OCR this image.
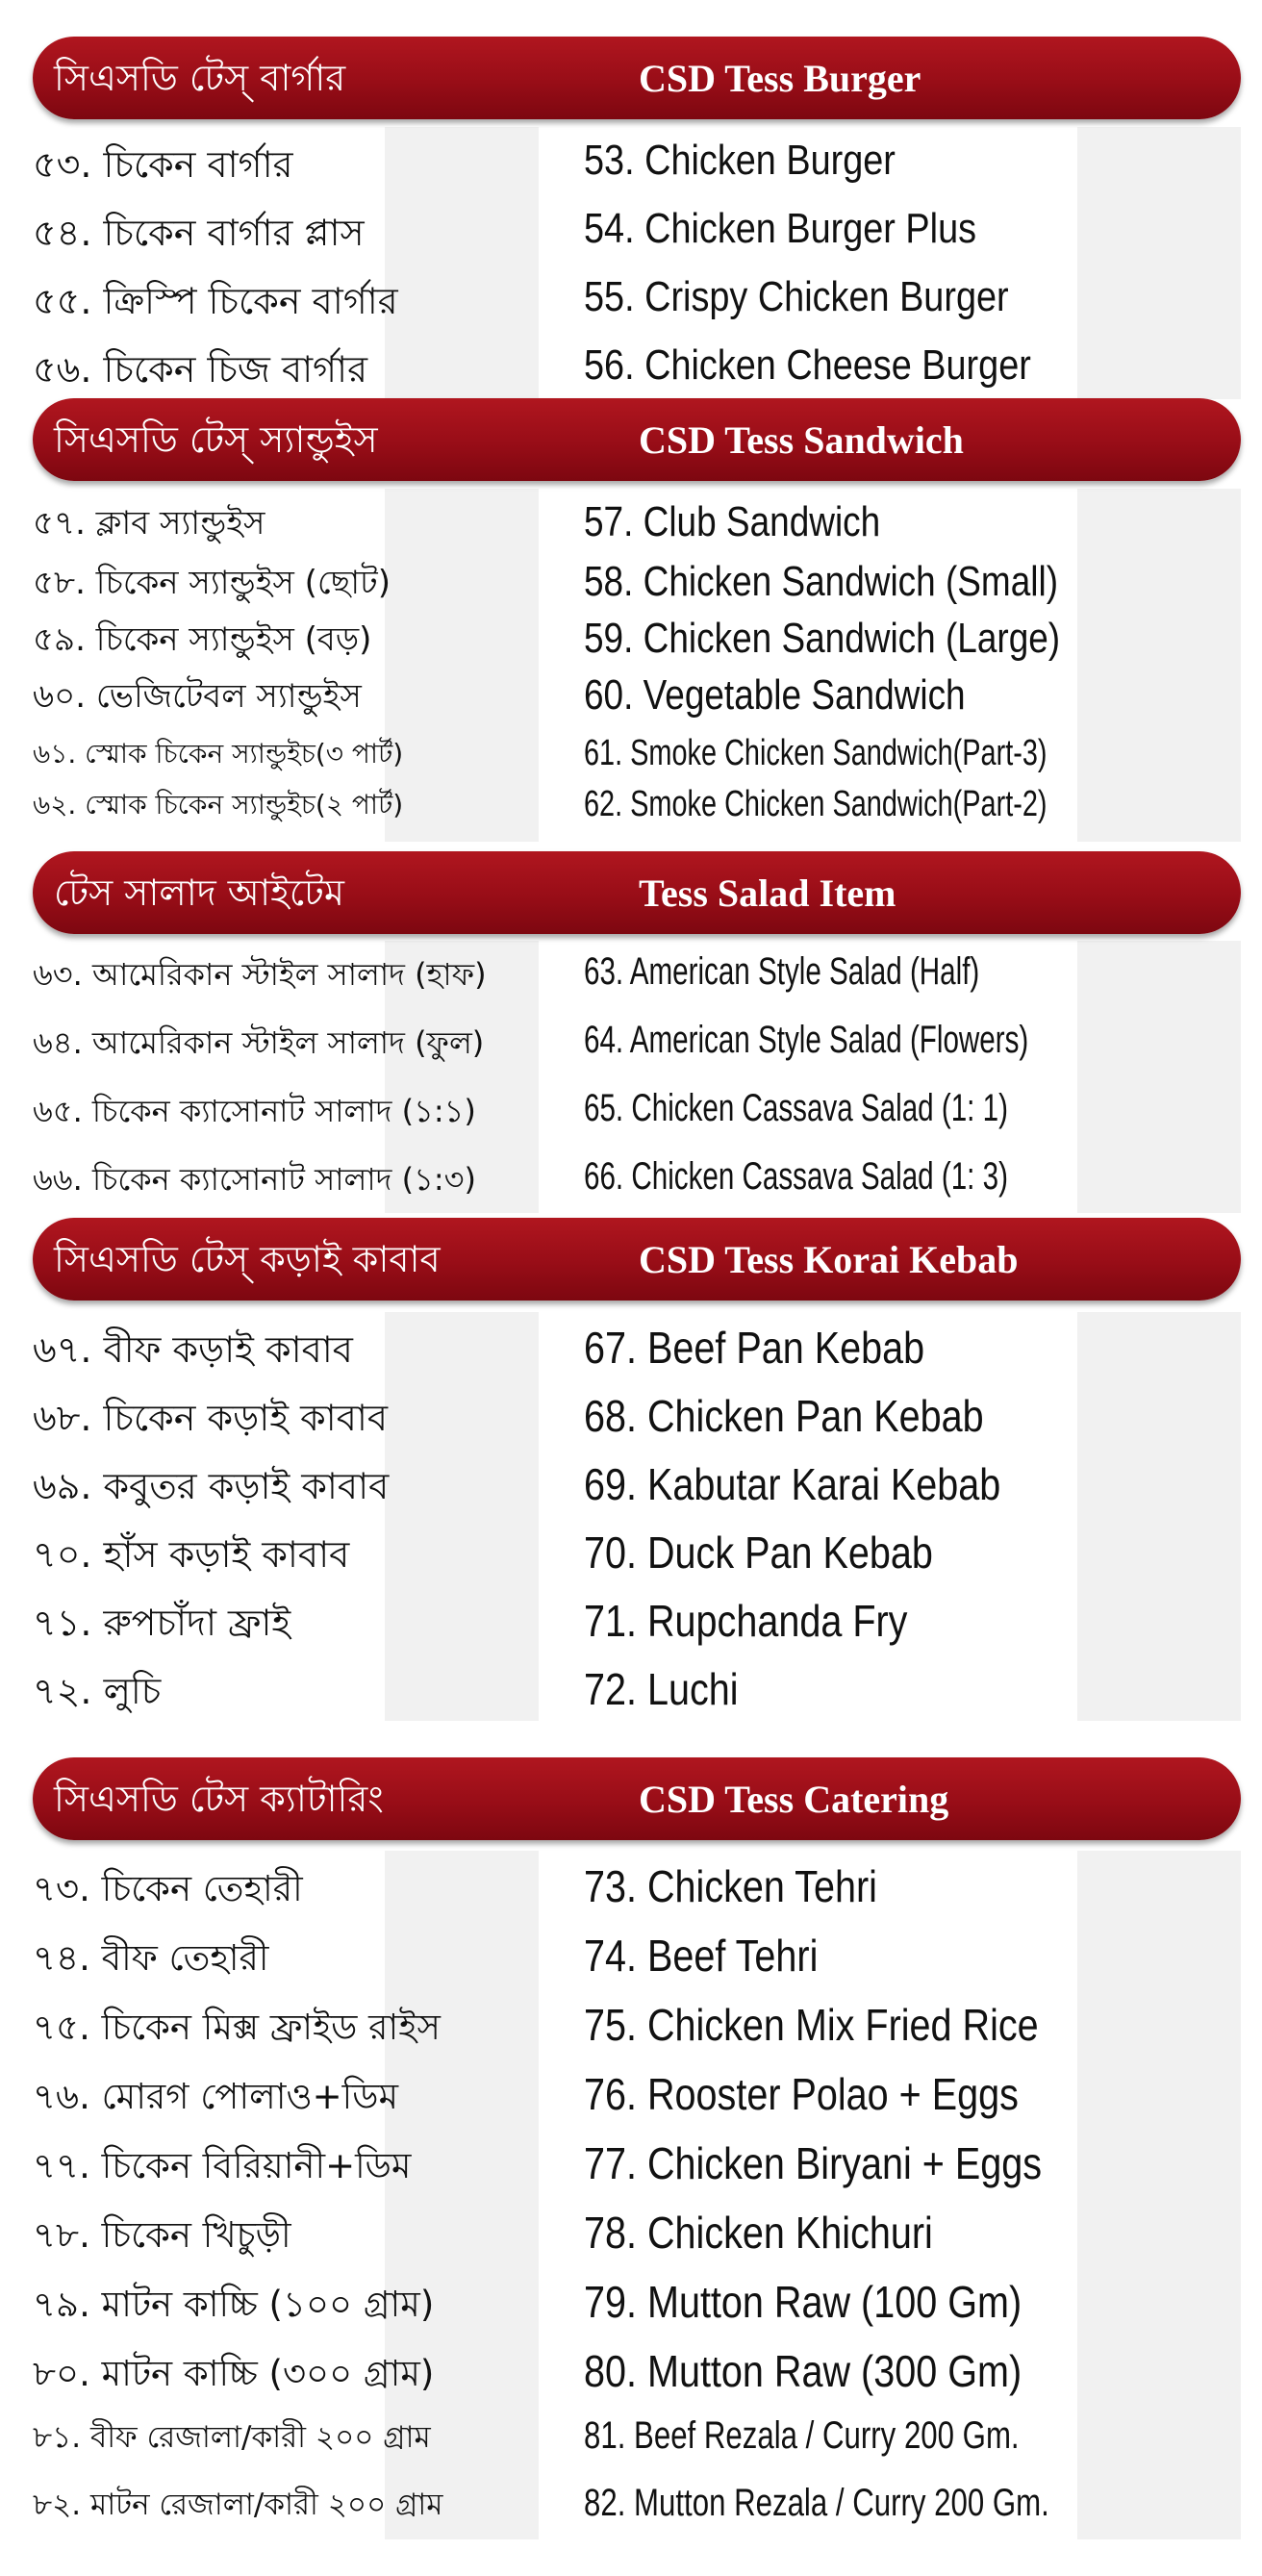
সিএসডি টেস্ বার্গার	CSD Tess Burger
৫৩. চিকেন বার্গার	53. Chicken Burger
৫৪. চিকেন বার্গার প্লাস	54. Chicken Burger Plus
৫৫. ক্রিস্পি চিকেন বার্গার	55. Crispy Chicken Burger
৫৬. চিকেন চিজ বার্গার	56. Chicken Cheese Burger
সিএসডি টেস্ স্যান্ডুইস	CSD Tess Sandwich
৫৭. ক্লাব স্যান্ডুইস	57. Club Sandwich
৫৮. চিকেন স্যান্ডুইস (ছোট)	58. Chicken Sandwich (Small)
৫৯. চিকেন স্যান্ডুইস (বড়)	59. Chicken Sandwich (Large)
৬০. ভেজিটেবল স্যান্ডুইস	60. Vegetable Sandwich
৬১. স্মোক চিকেন স্যান্ডুইচ(৩ পার্ট)	61. Smoke Chicken Sandwich(Part-3)
৬২. স্মোক চিকেন স্যান্ডুইচ(২ পার্ট)	62. Smoke Chicken Sandwich(Part-2)
টেস সালাদ আইটেম	Tess Salad Item
৬৩. আমেরিকান স্টাইল সালাদ (হাফ)	63. American Style Salad (Half)
৬৪. আমেরিকান স্টাইল সালাদ (ফুল)	64. American Style Salad (Flowers)
৬৫. চিকেন ক্যাসোনাট সালাদ (১:১)	65. Chicken Cassava Salad (1: 1)
৬৬. চিকেন ক্যাসোনাট সালাদ (১:৩)	66. Chicken Cassava Salad (1: 3)
সিএসডি টেস্ কড়াই কাবাব	CSD Tess Korai Kebab
৬৭. বীফ কড়াই কাবাব	67. Beef Pan Kebab
৬৮. চিকেন কড়াই কাবাব	68. Chicken Pan Kebab
৬৯. কবুতর কড়াই কাবাব	69. Kabutar Karai Kebab
৭০. হাঁস কড়াই কাবাব	70. Duck Pan Kebab
৭১. রুপচাঁদা ফ্রাই	71. Rupchanda Fry
৭২. লুচি	72. Luchi
সিএসডি টেস ক্যাটারিং	CSD Tess Catering
৭৩. চিকেন তেহারী	73. Chicken Tehri
৭৪. বীফ তেহারী	74. Beef Tehri
৭৫. চিকেন মিক্স ফ্রাইড রাইস	75. Chicken Mix Fried Rice
৭৬. মোরগ পোলাও+ডিম	76. Rooster Polao + Eggs
৭৭. চিকেন বিরিয়ানী+ডিম	77. Chicken Biryani + Eggs
৭৮. চিকেন খিচুড়ী	78. Chicken Khichuri
৭৯. মাটন কাচ্চি (১০০ গ্রাম)	79. Mutton Raw (100 Gm)
৮০. মাটন কাচ্চি (৩০০ গ্রাম)	80. Mutton Raw (300 Gm)
৮১. বীফ রেজালা/কারী ২০০ গ্রাম	81. Beef Rezala / Curry 200 Gm.
৮২. মাটন রেজালা/কারী ২০০ গ্রাম	82. Mutton Rezala / Curry 200 Gm.
